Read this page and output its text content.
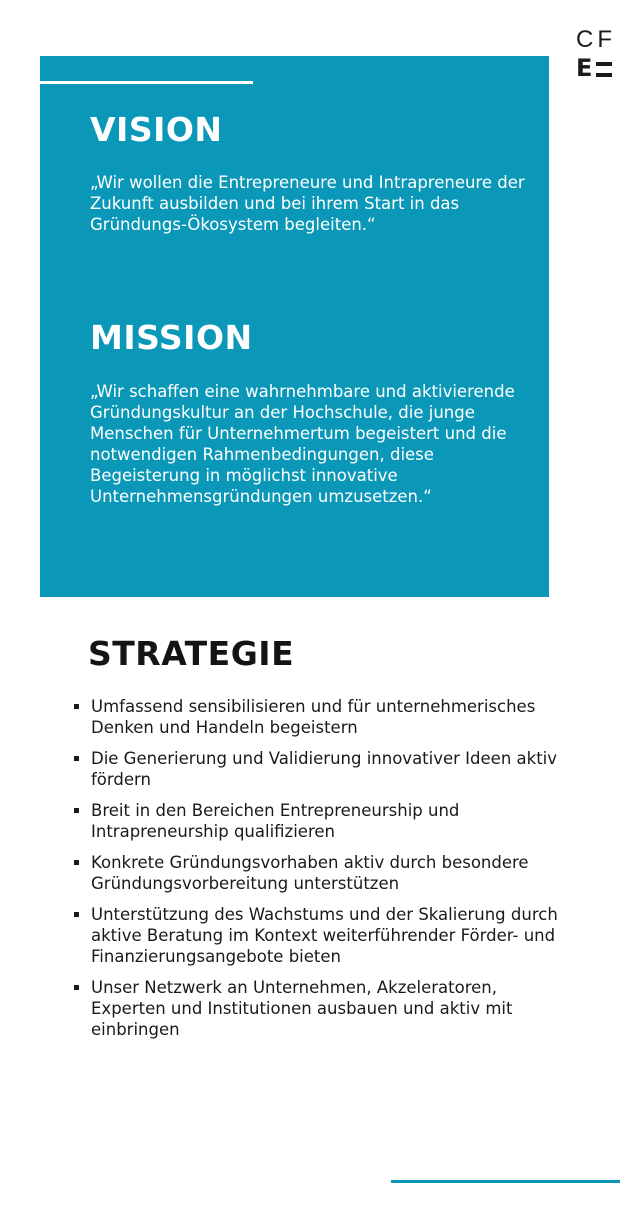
CF
E
VISION

„Wir wollen die Entrepreneure und Intrapreneure der Zukunft ausbilden und bei ihrem Start in das Gründungs-Ökosystem begleiten.“

MISSION

„Wir schaffen eine wahrnehmbare und aktivierende Gründungskultur an der Hochschule, die junge Menschen für Unternehmertum begeistert und die notwendigen Rahmenbedingungen, diese Begeisterung in möglichst innovative Unternehmensgründungen umzusetzen.“

STRATEGIE
Umfassend sensibilisieren und für unternehmerisches Denken und Handeln begeistern
Die Generierung und Validierung innovativer Ideen aktiv fördern
Breit in den Bereichen Entrepreneurship und Intrapreneurship qualifizieren
Konkrete Gründungsvorhaben aktiv durch besondere Gründungsvorbereitung unterstützen
Unterstützung des Wachstums und der Skalierung durch aktive Beratung im Kontext weiterführender Förder- und Finanzierungsangebote bieten
Unser Netzwerk an Unternehmen, Akzeleratoren, Experten und Institutionen ausbauen und aktiv mit einbringen
